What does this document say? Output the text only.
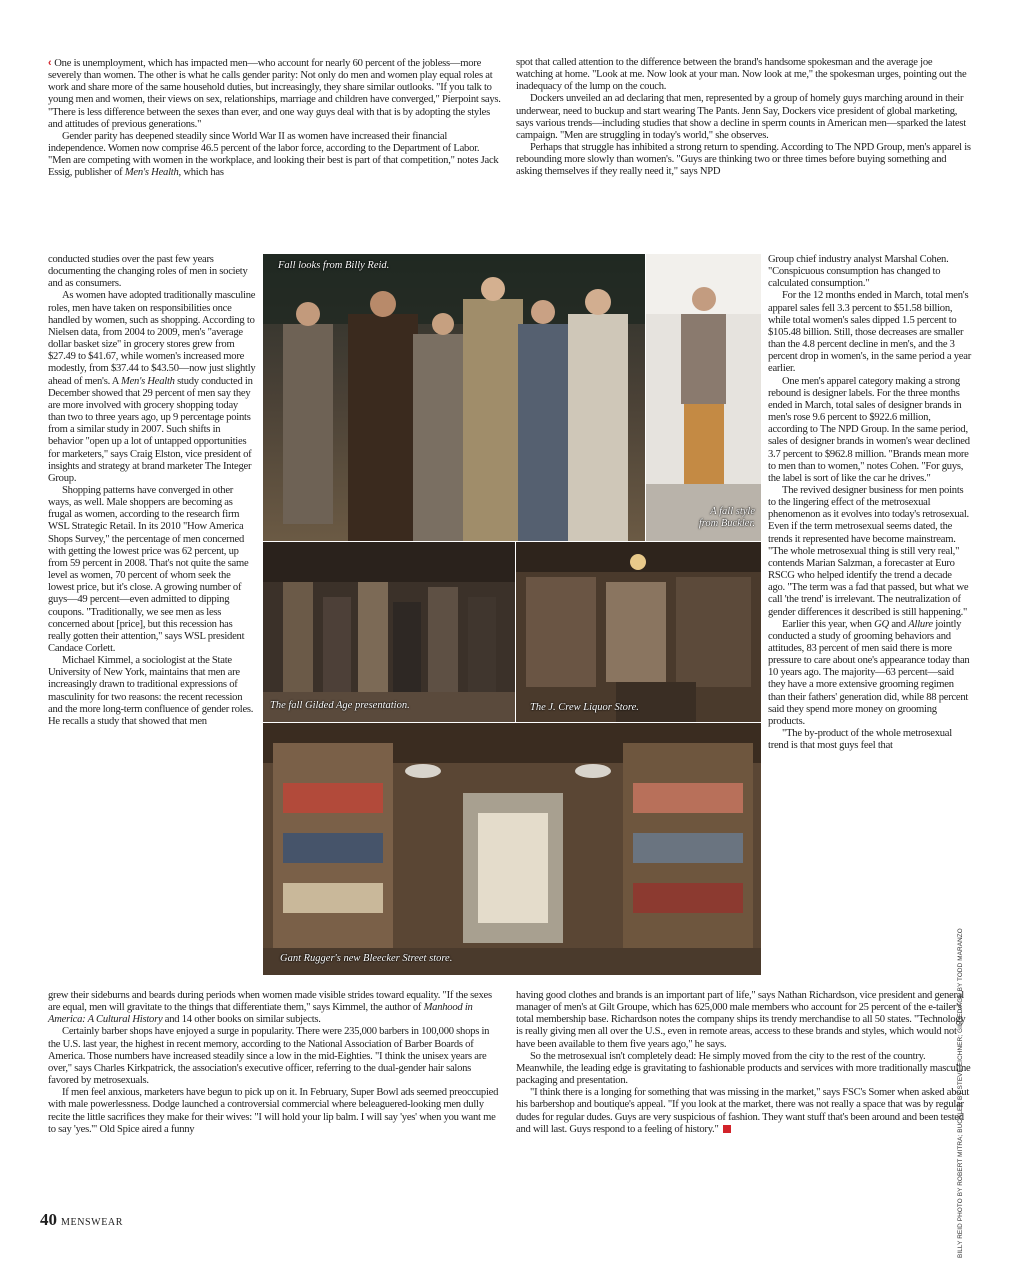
‹ One is unemployment, which has impacted men—who account for nearly 60 percent of the jobless—more severely than women. The other is what he calls gender parity: Not only do men and women play equal roles at work and share more of the same household duties, but increasingly, they share similar outlooks. "If you talk to young men and women, their views on sex, relationships, marriage and children have converged," Pierpoint says. "There is less difference between the sexes than ever, and one way guys deal with that is by adopting the styles and attitudes of previous generations."

Gender parity has deepened steadily since World War II as women have increased their financial independence. Women now comprise 46.5 percent of the labor force, according to the Department of Labor. "Men are competing with women in the workplace, and looking their best is part of that competition," notes Jack Essig, publisher of Men's Health, which has

spot that called attention to the difference between the brand's handsome spokesman and the average joe watching at home. "Look at me. Now look at your man. Now look at me," the spokesman urges, pointing out the inadequacy of the lump on the couch.

Dockers unveiled an ad declaring that men, represented by a group of homely guys marching around in their underwear, need to buckup and start wearing The Pants. Jenn Say, Dockers vice president of global marketing, says various trends—including studies that show a decline in sperm counts in American men—sparked the latest campaign. "Men are struggling in today's world," she observes.

Perhaps that struggle has inhibited a strong return to spending. According to The NPD Group, men's apparel is rebounding more slowly than women's. "Guys are thinking two or three times before buying something and asking themselves if they really need it," says NPD

conducted studies over the past few years documenting the changing roles of men in society and as consumers.

As women have adopted traditionally masculine roles, men have taken on responsibilities once handled by women, such as shopping. According to Nielsen data, from 2004 to 2009, men's "average dollar basket size" in grocery stores grew from $27.49 to $41.67, while women's increased more modestly, from $37.44 to $43.50—now just slightly ahead of men's. A Men's Health study conducted in December showed that 29 percent of men say they are more involved with grocery shopping today than two to three years ago, up 9 percentage points from a similar study in 2007. Such shifts in behavior "open up a lot of untapped opportunities for marketers," says Craig Elston, vice president of insights and strategy at brand marketer The Integer Group.

Shopping patterns have converged in other ways, as well. Male shoppers are becoming as frugal as women, according to the research firm WSL Strategic Retail. In its 2010 "How America Shops Survey," the percentage of men concerned with getting the lowest price was 62 percent, up from 59 percent in 2008. That's not quite the same level as women, 70 percent of whom seek the lowest price, but it's close. A growing number of guys—49 percent—even admitted to dipping coupons. "Traditionally, we see men as less concerned about [price], but this recession has really gotten their attention," says WSL president Candace Corlett.

Michael Kimmel, a sociologist at the State University of New York, maintains that men are increasingly drawn to traditional expressions of masculinity for two reasons: the recent recession and the more long-term confluence of gender roles. He recalls a study that showed that men

Group chief industry analyst Marshal Cohen. "Conspicuous consumption has changed to calculated consumption."

For the 12 months ended in March, total men's apparel sales fell 3.3 percent to $51.58 billion, while total women's sales dipped 1.5 percent to $105.48 billion. Still, those decreases are smaller than the 4.8 percent decline in men's, and the 3 percent drop in women's, in the same period a year earlier.

One men's apparel category making a strong rebound is designer labels. For the three months ended in March, total sales of designer brands in men's rose 9.6 percent to $922.6 million, according to The NPD Group. In the same period, sales of designer brands in women's wear declined 3.7 percent to $962.8 million. "Brands mean more to men than to women," notes Cohen. "For guys, the label is sort of like the car he drives."

The revived designer business for men points to the lingering effect of the metrosexual phenomenon as it evolves into today's retrosexual. Even if the term metrosexual seems dated, the trends it represented have become mainstream. "The whole metrosexual thing is still very real," contends Marian Salzman, a forecaster at Euro RSCG who helped identify the trend a decade ago. "The term was a fad that passed, but what we call 'the trend' is irrelevant. The neutralization of gender differences it described is still happening."

Earlier this year, when GQ and Allure jointly conducted a study of grooming behaviors and attitudes, 83 percent of men said there is more pressure to care about one's appearance today than 10 years ago. The majority—63 percent—said they have a more extensive grooming regimen than their fathers' generation did, while 88 percent said they spend more money on grooming products.

"The by-product of the whole metrosexual trend is that most guys feel that

grew their sideburns and beards during periods when women made visible strides toward equality. "If the sexes are equal, men will gravitate to the things that differentiate them," says Kimmel, the author of Manhood in America: A Cultural History and 14 other books on similar subjects.

Certainly barber shops have enjoyed a surge in popularity. There were 235,000 barbers in 100,000 shops in the U.S. last year, the highest in recent memory, according to the National Association of Barber Boards of America. Those numbers have increased steadily since a low in the mid-Eighties. "I think the unisex years are over," says Charles Kirkpatrick, the association's executive officer, referring to the dual-gender hair salons favored by metrosexuals.

If men feel anxious, marketers have begun to pick up on it. In February, Super Bowl ads seemed preoccupied with male powerlessness. Dodge launched a controversial commercial where beleaguered-looking men dully recite the little sacrifices they make for their wives: "I will hold your lip balm. I will say 'yes' when you want me to say 'yes.'" Old Spice aired a funny

having good clothes and brands is an important part of life," says Nathan Richardson, vice president and general manager of men's at Gilt Groupe, which has 625,000 male members who account for 25 percent of the e-tailer's total membership base. Richardson notes the company ships its trendy merchandise to all 50 states. "Technology is really giving men all over the U.S., even in remote areas, access to these brands and styles, which would not have been available to them five years ago," he says.

So the metrosexual isn't completely dead: He simply moved from the city to the rest of the country. Meanwhile, the leading edge is gravitating to fashionable products and services with more traditionally masculine packaging and presentation.

"I think there is a longing for something that was missing in the market," says FSC's Somer when asked about his barbershop and boutique's appeal. "If you look at the market, there was not really a space that was by regular dudes for regular dudes. Guys are very suspicious of fashion. They want stuff that's been around and been tested and will last. Guys respond to a feeling of history."

Fall looks from Billy Reid.
A fall style
from Buckler.
The fall Gilded Age presentation.	The J. Crew Liquor Store.
Gant Rugger's new Bleecker Street store.	BILLY REID PHOTO BY ROBERT MITRA; BUCKLER BY STEVE EICHNER; GILDED AGE BY TODD MARANZO
40 MENSWEAR
